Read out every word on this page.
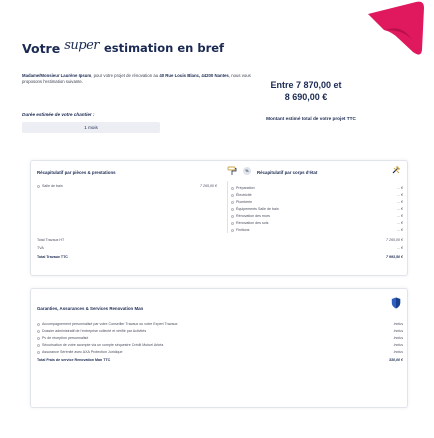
Votre super estimation en bref
Madame/Monsieur Laurène Ipsum, pour votre projet de rénovation au 40 Rue Louis Blanc, 44200 Nantes, nous vous proposons l'estimation suivante.
Durée estimée de votre chantier :
1 mois
Entre 7 870,00 et
8 690,00 €
Montant estimé total de votre projet TTC
Récapitulatif par pièces & prestations	%	Récapitulatif par corps d'état
Salle de bain	7 265,00 €	Préparation	... €
Électricité	... €
Plomberie	... €
Équipements Salle de bain	... €
Rénovation des murs	... €
Rénovation des sols	... €
Finitions	... €
Total Travaux HT	7 265,00 €
TVA	... €
Total Travaux TTC	7 993,50 €
Garanties, Assurances & Services Renovation Man
Accompagnement personnalisé par votre Conseiller Travaux ou votre Expert Travaux	Inclus
Dossier administratif de l'entreprise collecté et vérifié par Activités	Inclus
Pv de réception personnalisé	Inclus
Sécurisation de votre acompte via un compte séquestre Crédit Mutuel Arkéa	Inclus
Assurance Sérénité avec AXA Protection Juridique	Inclus
Total Frais de service Renovation Man TTC	330,00 €
